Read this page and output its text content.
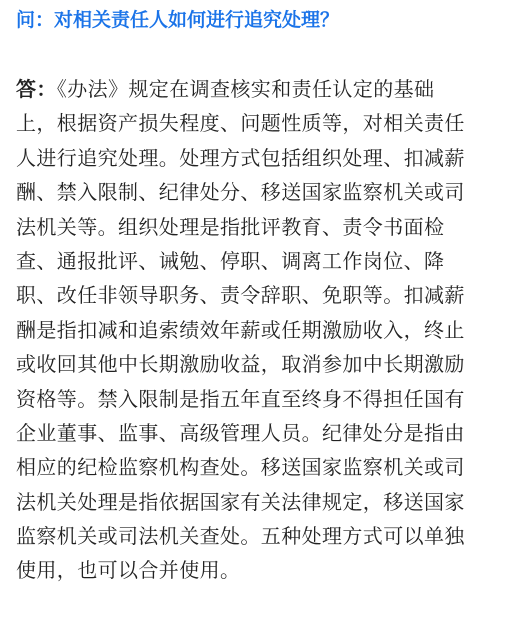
问：对相关责任人如何进行追究处理？
答：《办法》规定在调查核实和责任认定的基础
上，根据资产损失程度、问题性质等，对相关责任
人进行追究处理。处理方式包括组织处理、扣减薪
酬、禁入限制、纪律处分、移送国家监察机关或司
法机关等。组织处理是指批评教育、责令书面检
查、通报批评、诫勉、停职、调离工作岗位、降
职、改任非领导职务、责令辞职、免职等。扣减薪
酬是指扣减和追索绩效年薪或任期激励收入，终止
或收回其他中长期激励收益，取消参加中长期激励
资格等。禁入限制是指五年直至终身不得担任国有
企业董事、监事、高级管理人员。纪律处分是指由
相应的纪检监察机构查处。移送国家监察机关或司
法机关处理是指依据国家有关法律规定，移送国家
监察机关或司法机关查处。五种处理方式可以单独
使用，也可以合并使用。
